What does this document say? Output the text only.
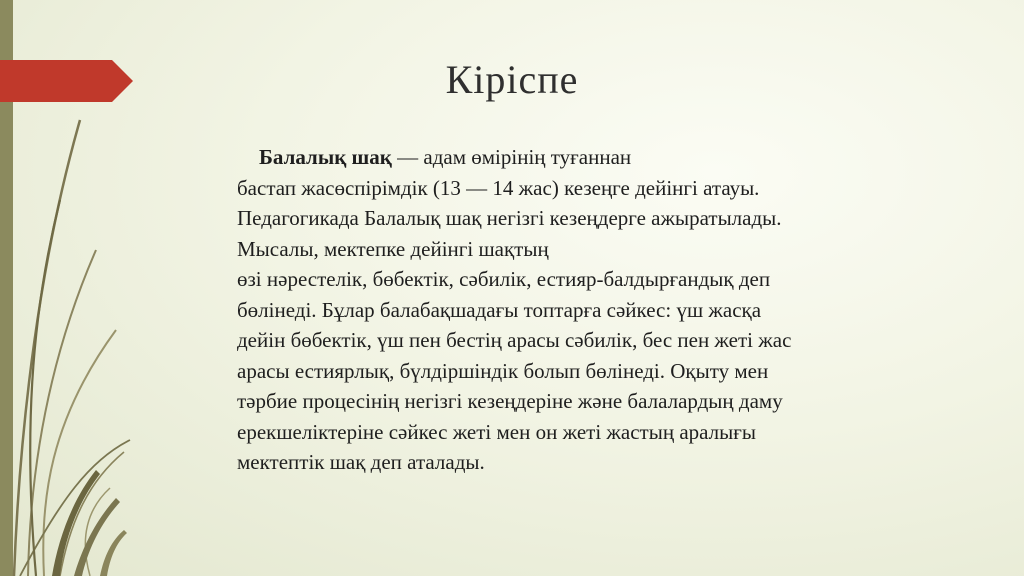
Кіріспе
Балалық шақ — адам өмірінің туғаннан
бастап жасөспірімдік (13 — 14 жас) кезеңге дейінгі атауы.
Педагогикада Балалық шақ негізгі кезеңдерге ажыратылады.
Мысалы, мектепке дейінгі шақтың
өзі нәрестелік, бөбектік, сәбилік, естияр-балдырғандық деп
бөлінеді. Бұлар балабақшадағы топтарға сәйкес: үш жасқа
дейін бөбектік, үш пен бестің арасы сәбилік, бес пен жеті жас
арасы естиярлық, бүлдіршіндік болып бөлінеді. Оқыту мен
тәрбие процесінің негізгі кезеңдеріне және балалардың даму
ерекшеліктеріне сәйкес жеті мен он жеті жастың аралығы
мектептік шақ деп аталады.
